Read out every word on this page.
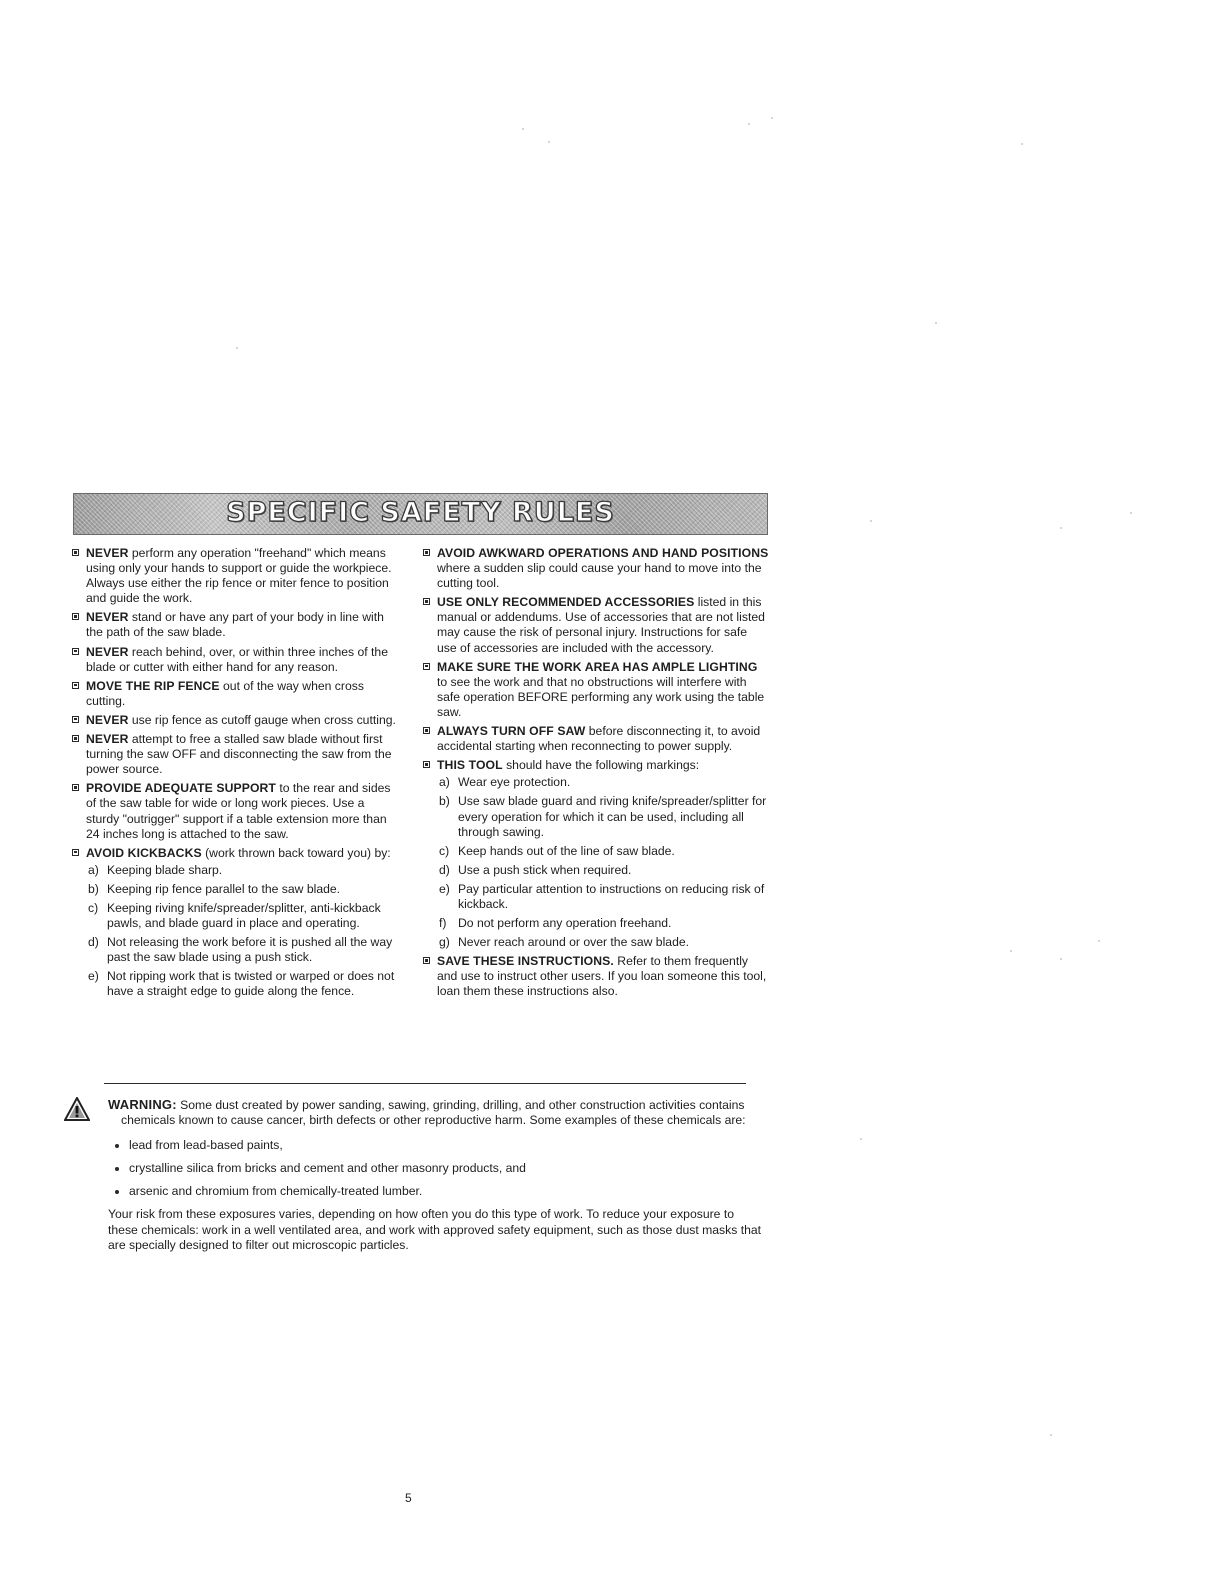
SPECIFIC SAFETY RULES
NEVER perform any operation "freehand" which means using only your hands to support or guide the workpiece. Always use either the rip fence or miter fence to position and guide the work.
NEVER stand or have any part of your body in line with the path of the saw blade.
NEVER reach behind, over, or within three inches of the blade or cutter with either hand for any reason.
MOVE THE RIP FENCE out of the way when cross cutting.
NEVER use rip fence as cutoff gauge when cross cutting.
NEVER attempt to free a stalled saw blade without first turning the saw OFF and disconnecting the saw from the power source.
PROVIDE ADEQUATE SUPPORT to the rear and sides of the saw table for wide or long work pieces. Use a sturdy "outrigger" support if a table extension more than 24 inches long is attached to the saw.
AVOID KICKBACKS (work thrown back toward you) by:
a) Keeping blade sharp.
b) Keeping rip fence parallel to the saw blade.
c) Keeping riving knife/spreader/splitter, anti-kickback pawls, and blade guard in place and operating.
d) Not releasing the work before it is pushed all the way past the saw blade using a push stick.
e) Not ripping work that is twisted or warped or does not have a straight edge to guide along the fence.
AVOID AWKWARD OPERATIONS AND HAND POSITIONS where a sudden slip could cause your hand to move into the cutting tool.
USE ONLY RECOMMENDED ACCESSORIES listed in this manual or addendums. Use of accessories that are not listed may cause the risk of personal injury. Instructions for safe use of accessories are included with the accessory.
MAKE SURE THE WORK AREA HAS AMPLE LIGHTING to see the work and that no obstructions will interfere with safe operation BEFORE performing any work using the table saw.
ALWAYS TURN OFF SAW before disconnecting it, to avoid accidental starting when reconnecting to power supply.
THIS TOOL should have the following markings:
a) Wear eye protection.
b) Use saw blade guard and riving knife/spreader/splitter for every operation for which it can be used, including all through sawing.
c) Keep hands out of the line of saw blade.
d) Use a push stick when required.
e) Pay particular attention to instructions on reducing risk of kickback.
f) Do not perform any operation freehand.
g) Never reach around or over the saw blade.
SAVE THESE INSTRUCTIONS. Refer to them frequently and use to instruct other users. If you loan someone this tool, loan them these instructions also.
WARNING: Some dust created by power sanding, sawing, grinding, drilling, and other construction activities contains chemicals known to cause cancer, birth defects or other reproductive harm. Some examples of these chemicals are:
lead from lead-based paints,
crystalline silica from bricks and cement and other masonry products, and
arsenic and chromium from chemically-treated lumber.
Your risk from these exposures varies, depending on how often you do this type of work. To reduce your exposure to these chemicals: work in a well ventilated area, and work with approved safety equipment, such as those dust masks that are specially designed to filter out microscopic particles.
5
